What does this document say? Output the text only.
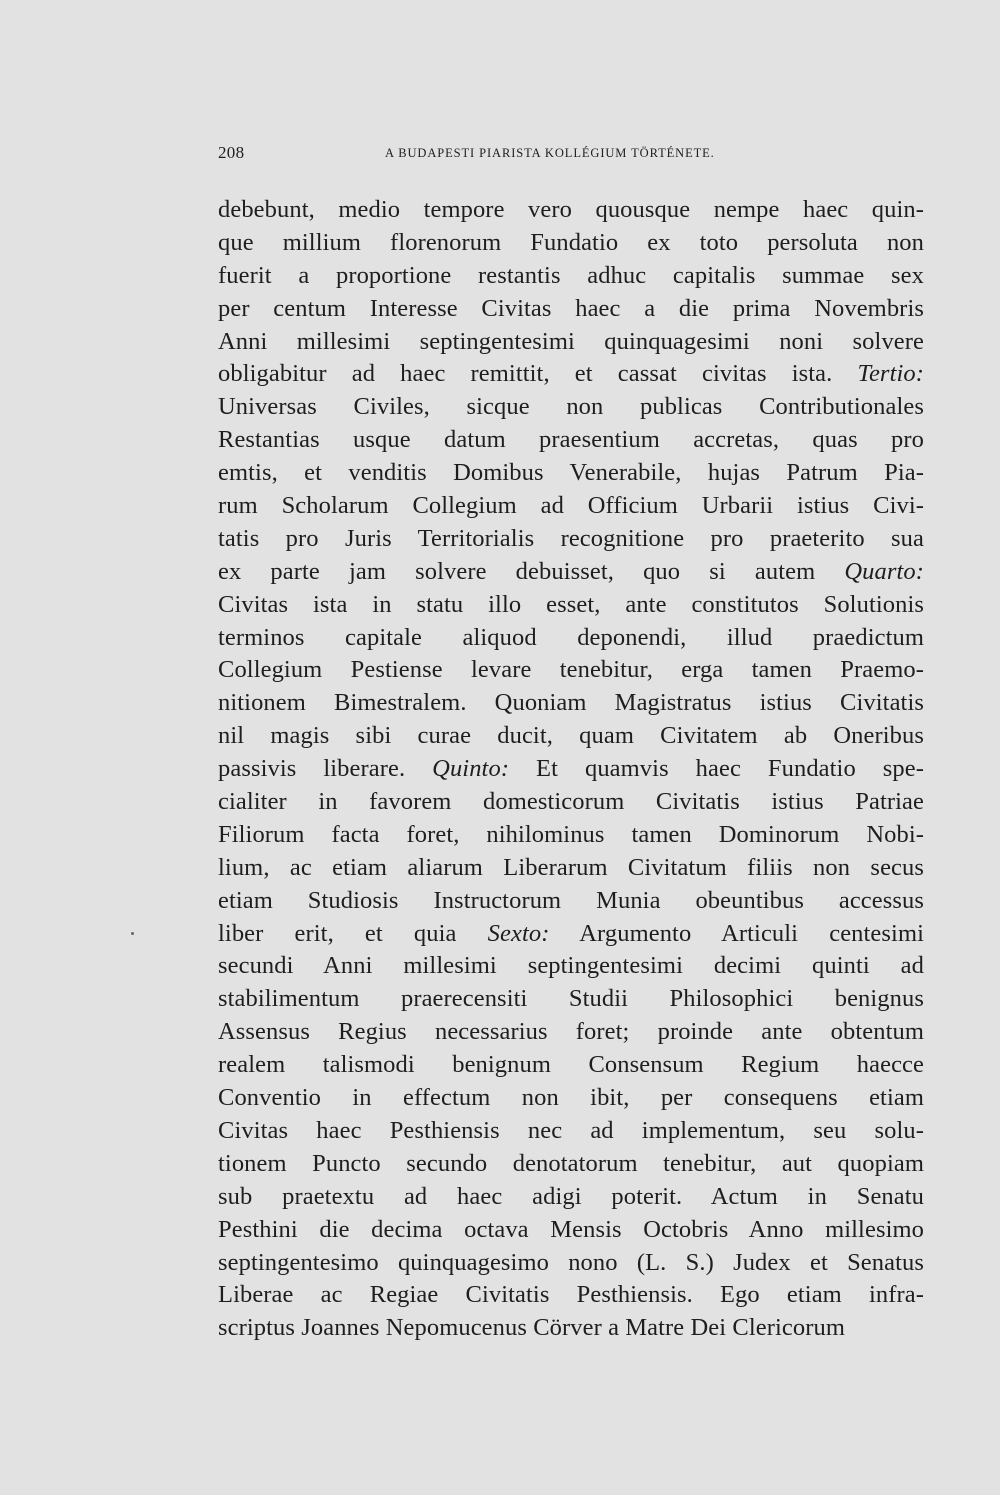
208	A BUDAPESTI PIARISTA KOLLÉGIUM TÖRTÉNETE.
debebunt, medio tempore vero quousque nempe haec quin-
que millium florenorum Fundatio ex toto persoluta non
fuerit a proportione restantis adhuc capitalis summae sex
per centum Interesse Civitas haec a die prima Novembris
Anni millesimi septingentesimi quinquagesimi noni solvere
obligabitur ad haec remittit, et cassat civitas ista. Tertio:
Universas Civiles, sicque non publicas Contributionales
Restantias usque datum praesentium accretas, quas pro
emtis, et venditis Domibus Venerabile, hujas Patrum Pia-
rum Scholarum Collegium ad Officium Urbarii istius Civi-
tatis pro Juris Territorialis recognitione pro praeterito sua
ex parte jam solvere debuisset, quo si autem Quarto:
Civitas ista in statu illo esset, ante constitutos Solutionis
terminos capitale aliquod deponendi, illud praedictum
Collegium Pestiense levare tenebitur, erga tamen Praemo-
nitionem Bimestralem. Quoniam Magistratus istius Civitatis
nil magis sibi curae ducit, quam Civitatem ab Oneribus
passivis liberare. Quinto: Et quamvis haec Fundatio spe-
cialiter in favorem domesticorum Civitatis istius Patriae
Filiorum facta foret, nihilominus tamen Dominorum Nobi-
lium, ac etiam aliarum Liberarum Civitatum filiis non secus
etiam Studiosis Instructorum Munia obeuntibus accessus
liber erit, et quia Sexto: Argumento Articuli centesimi
secundi Anni millesimi septingentesimi decimi quinti ad
stabilimentum praerecensiti Studii Philosophici benignus
Assensus Regius necessarius foret; proinde ante obtentum
realem talismodi benignum Consensum Regium haecce
Conventio in effectum non ibit, per consequens etiam
Civitas haec Pesthiensis nec ad implementum, seu solu-
tionem Puncto secundo denotatorum tenebitur, aut quopiam
sub praetextu ad haec adigi poterit. Actum in Senatu
Pesthini die decima octava Mensis Octobris Anno millesimo
septingentesimo quinquagesimo nono (L. S.) Judex et Senatus
Liberae ac Regiae Civitatis Pesthiensis. Ego etiam infra-
scriptus Joannes Nepomucenus Cörver a Matre Dei Clericorum
